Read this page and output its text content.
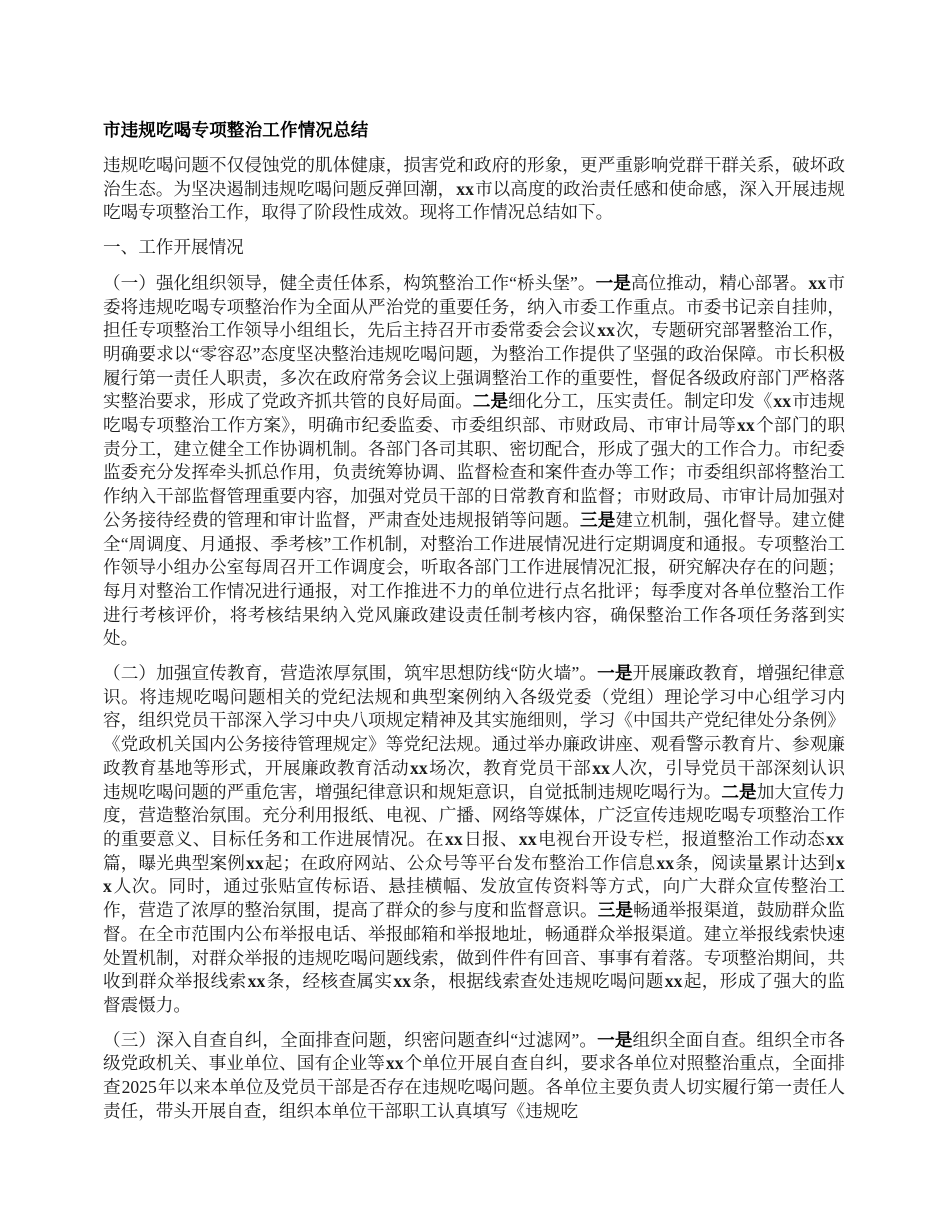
市违规吃喝专项整治工作情况总结

违规吃喝问题不仅侵蚀党的肌体健康，损害党和政府的形象，更严重影响党群干群关系，破坏政治生态。为坚决遏制违规吃喝问题反弹回潮，xx市以高度的政治责任感和使命感，深入开展违规吃喝专项整治工作，取得了阶段性成效。现将工作情况总结如下。

一、工作开展情况

（一）强化组织领导，健全责任体系，构筑整治工作“桥头堡”。一是高位推动，精心部署。xx市委将违规吃喝专项整治作为全面从严治党的重要任务，纳入市委工作重点。市委书记亲自挂帅，担任专项整治工作领导小组组长，先后主持召开市委常委会会议xx次，专题研究部署整治工作，明确要求以“零容忍”态度坚决整治违规吃喝问题，为整治工作提供了坚强的政治保障。市长积极履行第一责任人职责，多次在政府常务会议上强调整治工作的重要性，督促各级政府部门严格落实整治要求，形成了党政齐抓共管的良好局面。二是细化分工，压实责任。制定印发《xx市违规吃喝专项整治工作方案》，明确市纪委监委、市委组织部、市财政局、市审计局等xx个部门的职责分工，建立健全工作协调机制。各部门各司其职、密切配合，形成了强大的工作合力。市纪委监委充分发挥牵头抓总作用，负责统筹协调、监督检查和案件查办等工作；市委组织部将整治工作纳入干部监督管理重要内容，加强对党员干部的日常教育和监督；市财政局、市审计局加强对公务接待经费的管理和审计监督，严肃查处违规报销等问题。三是建立机制，强化督导。建立健全“周调度、月通报、季考核”工作机制，对整治工作进展情况进行定期调度和通报。专项整治工作领导小组办公室每周召开工作调度会，听取各部门工作进展情况汇报，研究解决存在的问题；每月对整治工作情况进行通报，对工作推进不力的单位进行点名批评；每季度对各单位整治工作进行考核评价，将考核结果纳入党风廉政建设责任制考核内容，确保整治工作各项任务落到实处。

（二）加强宣传教育，营造浓厚氛围，筑牢思想防线“防火墙”。一是开展廉政教育，增强纪律意识。将违规吃喝问题相关的党纪法规和典型案例纳入各级党委（党组）理论学习中心组学习内容，组织党员干部深入学习中央八项规定精神及其实施细则，学习《中国共产党纪律处分条例》《党政机关国内公务接待管理规定》等党纪法规。通过举办廉政讲座、观看警示教育片、参观廉政教育基地等形式，开展廉政教育活动xx场次，教育党员干部xx人次，引导党员干部深刻认识违规吃喝问题的严重危害，增强纪律意识和规矩意识，自觉抵制违规吃喝行为。二是加大宣传力度，营造整治氛围。充分利用报纸、电视、广播、网络等媒体，广泛宣传违规吃喝专项整治工作的重要意义、目标任务和工作进展情况。在xx日报、xx电视台开设专栏，报道整治工作动态xx篇，曝光典型案例xx起；在政府网站、公众号等平台发布整治工作信息xx条，阅读量累计达到xx人次。同时，通过张贴宣传标语、悬挂横幅、发放宣传资料等方式，向广大群众宣传整治工作，营造了浓厚的整治氛围，提高了群众的参与度和监督意识。三是畅通举报渠道，鼓励群众监督。在全市范围内公布举报电话、举报邮箱和举报地址，畅通群众举报渠道。建立举报线索快速处置机制，对群众举报的违规吃喝问题线索，做到件件有回音、事事有着落。专项整治期间，共收到群众举报线索xx条，经核查属实xx条，根据线索查处违规吃喝问题xx起，形成了强大的监督震慑力。

（三）深入自查自纠，全面排查问题，织密问题查纠“过滤网”。一是组织全面自查。组织全市各级党政机关、事业单位、国有企业等xx个单位开展自查自纠，要求各单位对照整治重点，全面排查2025年以来本单位及党员干部是否存在违规吃喝问题。各单位主要负责人切实履行第一责任人责任，带头开展自查，组织本单位干部职工认真填写《违规吃
